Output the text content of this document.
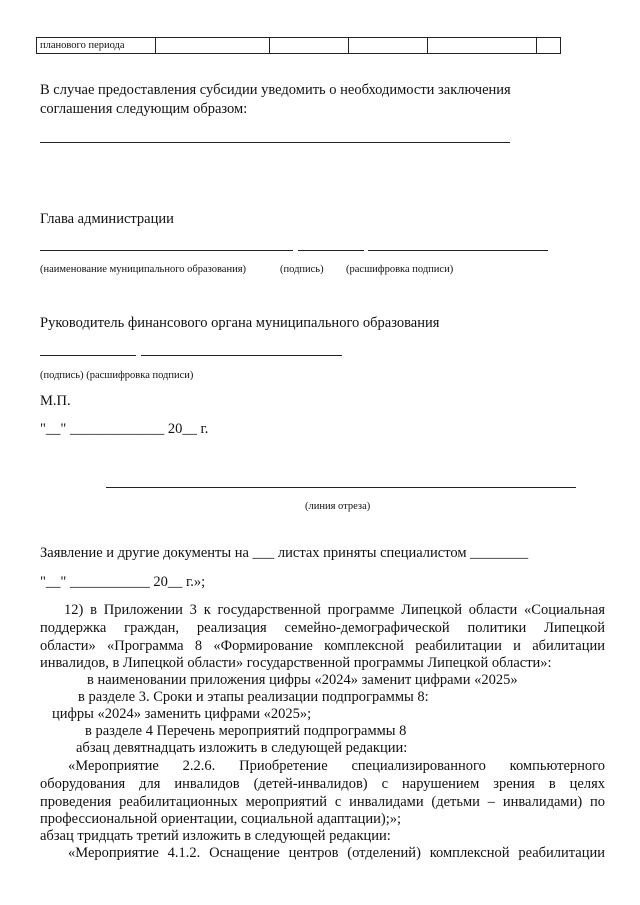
планового периода					
В случае предоставления субсидии уведомить о необходимости заключения
соглашения следующим образом:
Глава администрации
(наименование муниципального образования)	(подпись) (расшифровка подписи)
Руководитель финансового органа муниципального образования
(подпись) (расшифровка подписи)
М.П.
"__" _____________ 20__ г.
(линия отреза)
Заявление и другие документы на ___ листах приняты специалистом ________
"__" ___________ 20__ г.»;
12) в Приложении 3 к государственной программе Липецкой области «Социальная
поддержка граждан, реализация семейно-демографической политики Липецкой
области» «Программа 8 «Формирование комплексной реабилитации и абилитации
инвалидов, в Липецкой области» государственной программы Липецкой области»:
в наименовании приложения цифры «2024» заменит цифрами «2025»
в разделе 3. Сроки и этапы реализации подпрограммы 8:
цифры «2024» заменить цифрами «2025»;
в разделе 4 Перечень мероприятий подпрограммы 8
абзац девятнадцать изложить в следующей редакции:
«Мероприятие 2.2.6. Приобретение специализированного компьютерного
оборудования для инвалидов (детей-инвалидов) с нарушением зрения в целях
проведения реабилитационных мероприятий с инвалидами (детьми – инвалидами) по
профессиональной ориентации, социальной адаптации);»;
абзац тридцать третий изложить в следующей редакции:
«Мероприятие 4.1.2. Оснащение центров (отделений) комплексной реабилитации
